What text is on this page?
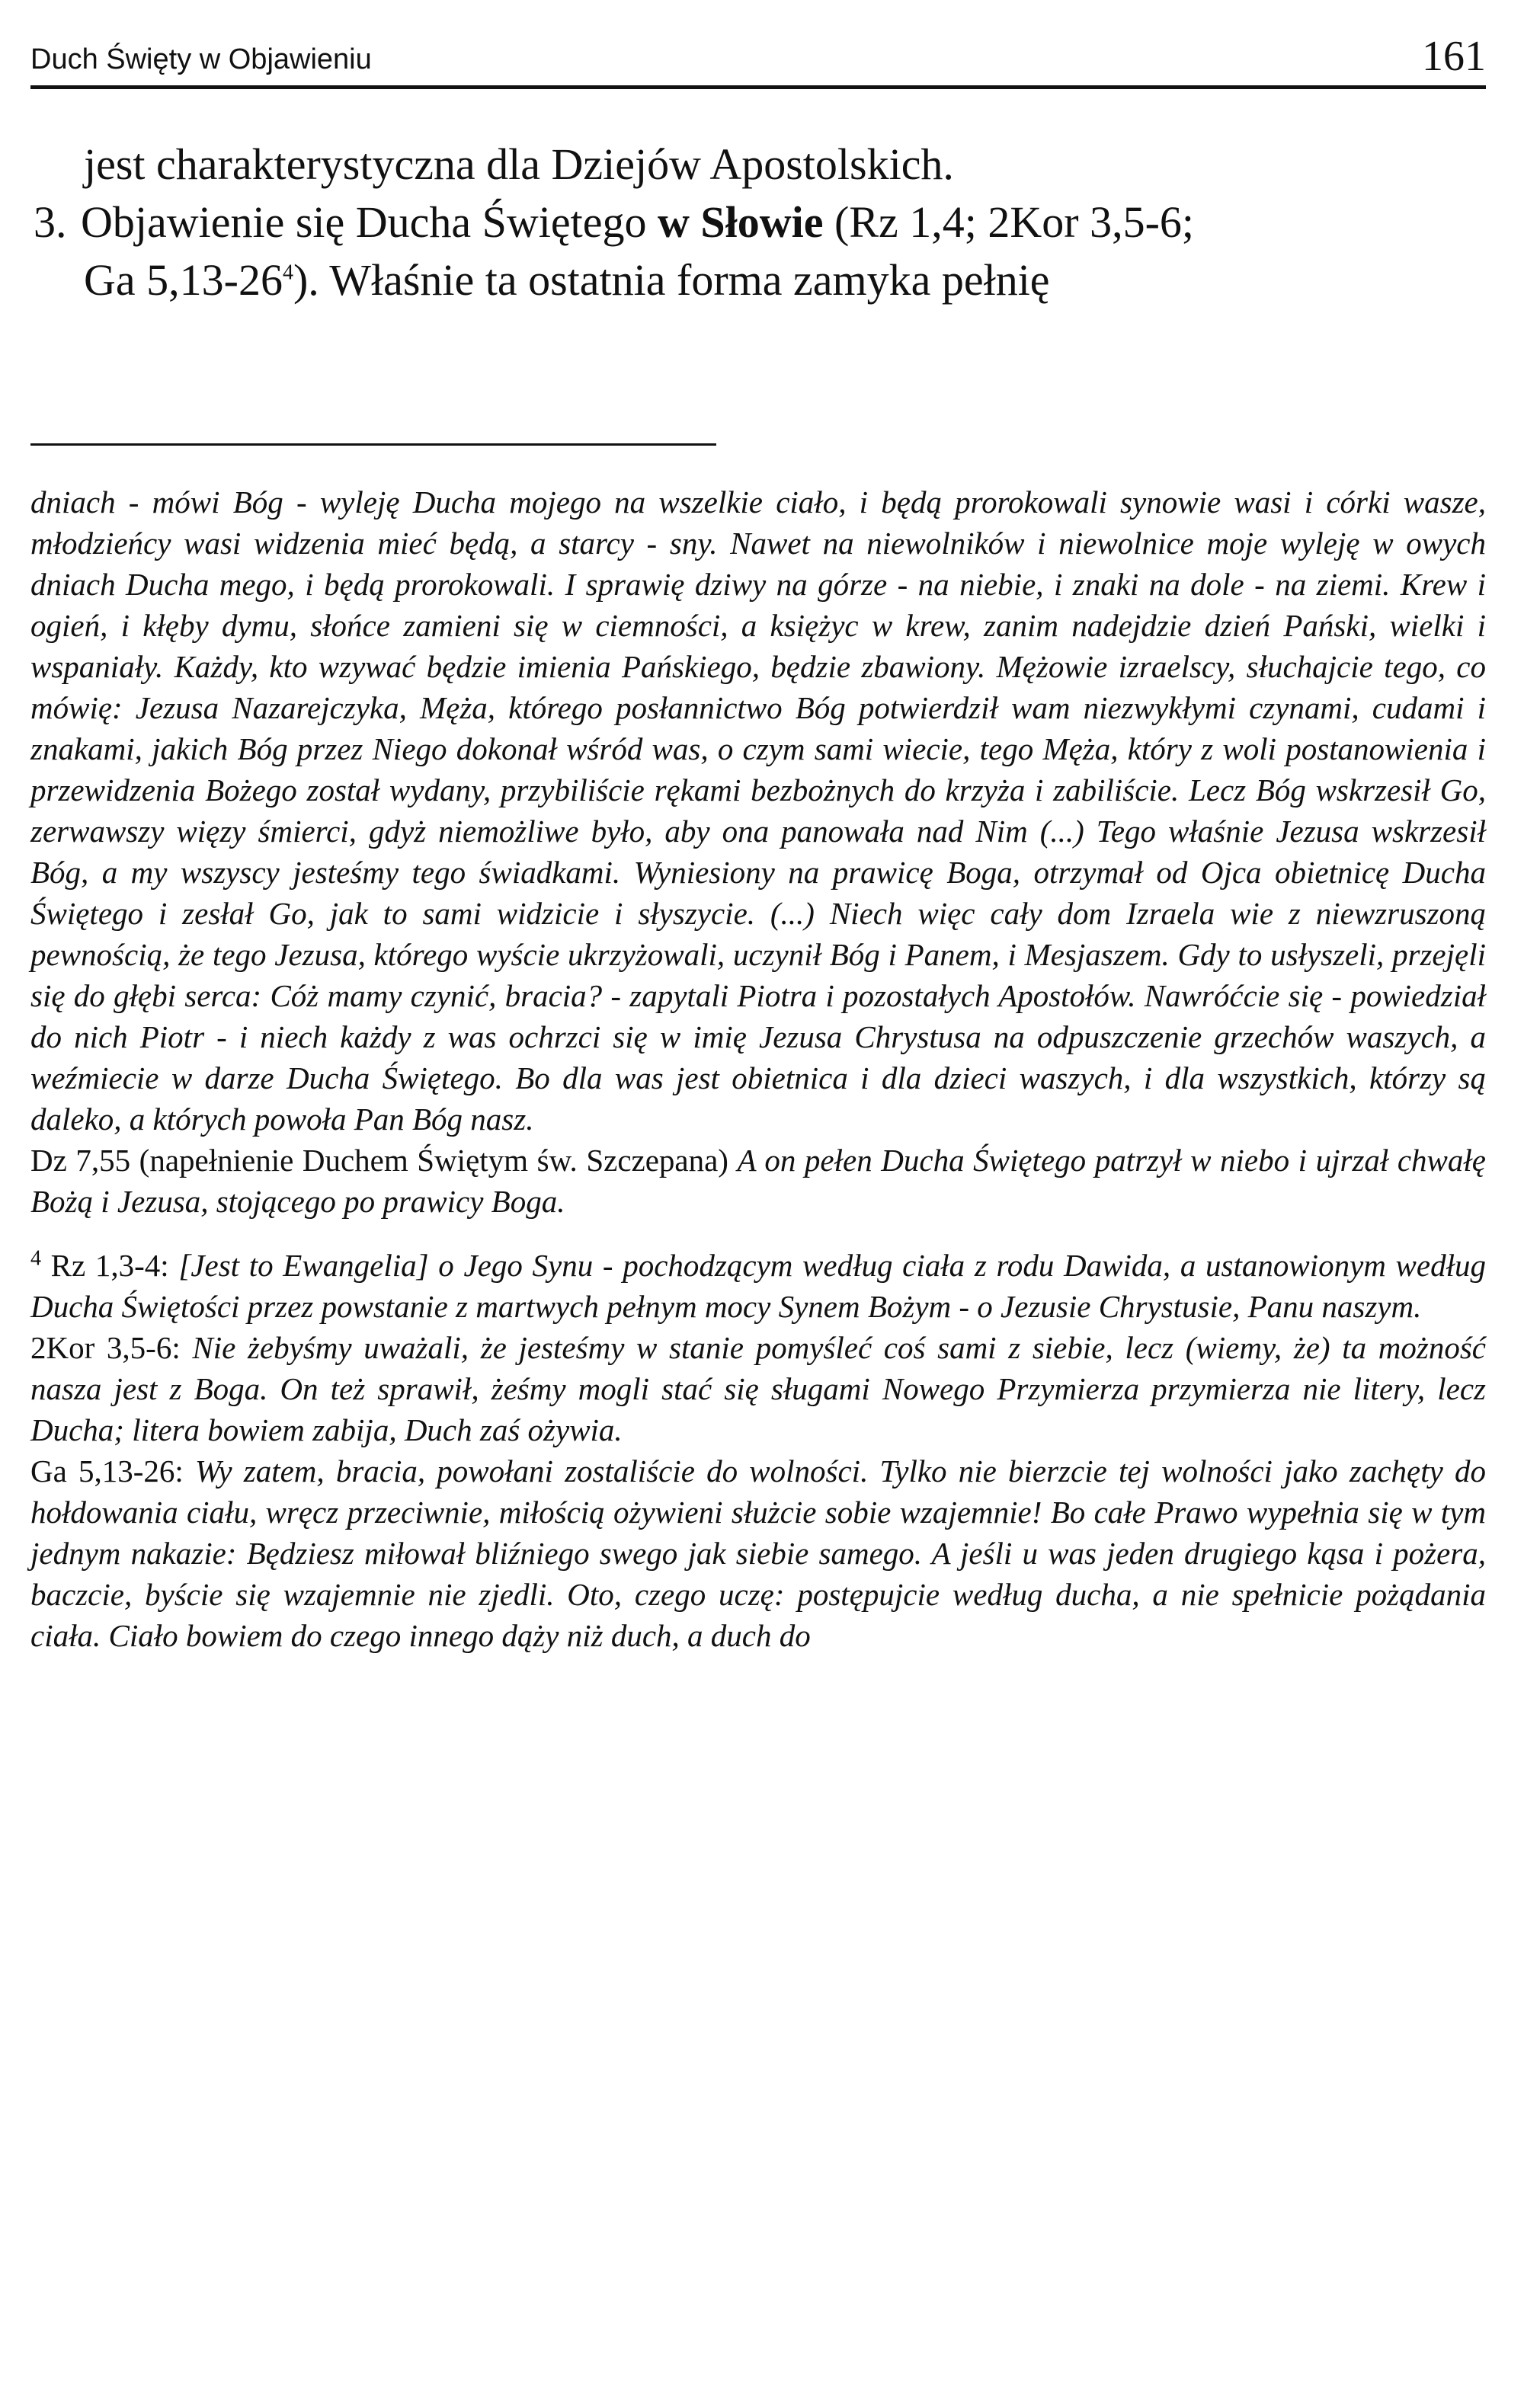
Duch Święty w Objawieniu	161
jest charakterystyczna dla Dziejów Apostolskich.
3. Objawienie się Ducha Świętego w Słowie (Rz 1,4; 2Kor 3,5-6;
Ga $5,13-26^4$). Właśnie ta ostatnia forma zamyka pełnię

dniach - mówi Bóg - wyleję Ducha mojego na wszelkie ciało, i będą prorokowali synowie wasi i córki wasze, młodzieńcy wasi widzenia mieć będą, a starcy - sny. Nawet na niewolników i niewolnice moje wyleję w owych dniach Ducha mego, i będą prorokowali. I sprawię dziwy na górze - na niebie, i znaki na dole - na ziemi. Krew i ogień, i kłęby dymu, słońce zamieni się w ciemności, a księżyc w krew, zanim nadejdzie dzień Pański, wielki i wspaniały. Każdy, kto wzywać będzie imienia Pańskiego, będzie zbawiony. Mężowie izraelscy, słuchajcie tego, co mówię: Jezusa Nazarejczyka, Męża, którego posłannictwo Bóg potwierdził wam niezwykłymi czynami, cudami i znakami, jakich Bóg przez Niego dokonał wśród was, o czym sami wiecie, tego Męża, który z woli postanowienia i przewidzenia Bożego został wydany, przybiliście rękami bezbożnych do krzyża i zabiliście. Lecz Bóg wskrzesił Go, zerwawszy więzy śmierci, gdyż niemożliwe było, aby ona panowała nad Nim (...) Tego właśnie Jezusa wskrzesił Bóg, a my wszyscy jesteśmy tego świadkami. Wyniesiony na prawicę Boga, otrzymał od Ojca obietnicę Ducha Świętego i zesłał Go, jak to sami widzicie i słyszycie. (...) Niech więc cały dom Izraela wie z niewzruszoną pewnością, że tego Jezusa, którego wyście ukrzyżowali, uczynił Bóg i Panem, i Mesjaszem. Gdy to usłyszeli, przejęli się do głębi serca: Cóż mamy czynić, bracia? - zapytali Piotra i pozostałych Apostołów. Nawróćcie się - powiedział do nich Piotr - i niech każdy z was ochrzci się w imię Jezusa Chrystusa na odpuszczenie grzechów waszych, a weźmiecie w darze Ducha Świętego. Bo dla was jest obietnica i dla dzieci waszych, i dla wszystkich, którzy są daleko, a których powoła Pan Bóg nasz.

Dz 7,55 (napełnienie Duchem Świętym św. Szczepana) A on pełen Ducha Świętego patrzył w niebo i ujrzał chwałę Bożą i Jezusa, stojącego po prawicy Boga.

$^4$ Rz 1,3-4: [Jest to Ewangelia] o Jego Synu - pochodzącym według ciała z rodu Dawida, a ustanowionym według Ducha Świętości przez powstanie z martwych pełnym mocy Synem Bożym - o Jezusie Chrystusie, Panu naszym.

2Kor 3,5-6: Nie żebyśmy uważali, że jesteśmy w stanie pomyśleć coś sami z siebie, lecz (wiemy, że) ta możność nasza jest z Boga. On też sprawił, żeśmy mogli stać się sługami Nowego Przymierza przymierza nie litery, lecz Ducha; litera bowiem zabija, Duch zaś ożywia.

Ga 5,13-26: Wy zatem, bracia, powołani zostaliście do wolności. Tylko nie bierzcie tej wolności jako zachęty do hołdowania ciału, wręcz przeciwnie, miłością ożywieni służcie sobie wzajemnie! Bo całe Prawo wypełnia się w tym jednym nakazie: Będziesz miłował bliźniego swego jak siebie samego. A jeśli u was jeden drugiego kąsa i pożera, baczcie, byście się wzajemnie nie zjedli. Oto, czego uczę: postępujcie według ducha, a nie spełnicie pożądania ciała. Ciało bowiem do czego innego dąży niż duch, a duch do
